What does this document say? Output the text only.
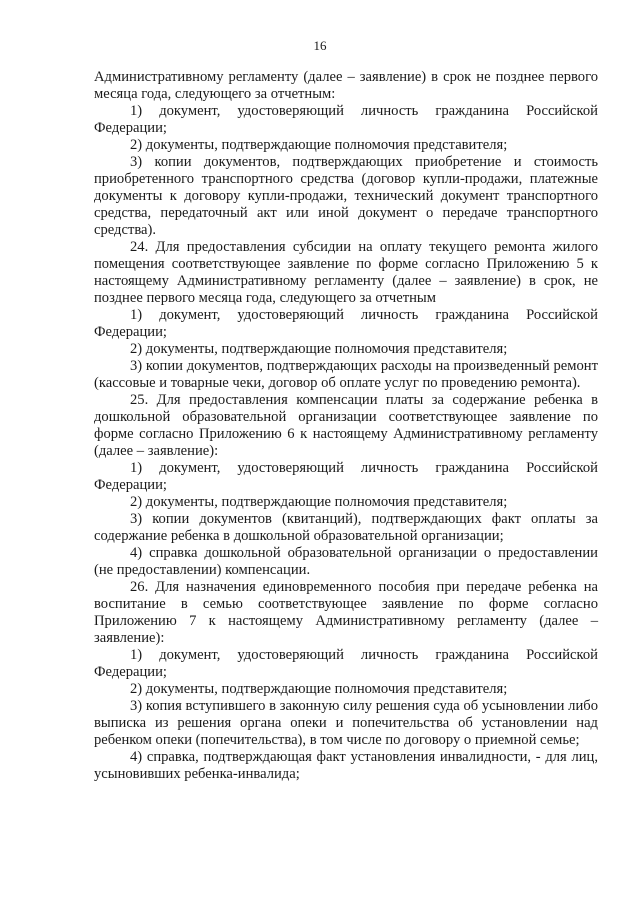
16

Административному регламенту (далее – заявление) в срок не позднее первого месяца года, следующего за отчетным:

1) документ, удостоверяющий личность гражданина Российской Федерации;

2) документы, подтверждающие полномочия представителя;

3) копии документов, подтверждающих приобретение и стоимость приобретенного транспортного средства (договор купли-продажи, платежные документы к договору купли-продажи, технический документ транспортного средства, передаточный акт или иной документ о передаче транспортного средства).

24. Для предоставления субсидии на оплату текущего ремонта жилого помещения соответствующее заявление по форме согласно Приложению 5 к настоящему Административному регламенту (далее – заявление) в срок, не позднее первого месяца года, следующего за отчетным

1) документ, удостоверяющий личность гражданина Российской Федерации;

2) документы, подтверждающие полномочия представителя;

3) копии документов, подтверждающих расходы на произведенный ремонт (кассовые и товарные чеки, договор об оплате услуг по проведению ремонта).

25. Для предоставления компенсации платы за содержание ребенка в дошкольной образовательной организации соответствующее заявление по форме согласно Приложению 6 к настоящему Административному регламенту (далее – заявление):

1) документ, удостоверяющий личность гражданина Российской Федерации;

2) документы, подтверждающие полномочия представителя;

3) копии документов (квитанций), подтверждающих факт оплаты за содержание ребенка в дошкольной образовательной организации;

4) справка дошкольной образовательной организации о предоставлении (не предоставлении) компенсации.

26. Для назначения единовременного пособия при передаче ребенка на воспитание в семью соответствующее заявление по форме согласно Приложению 7 к настоящему Административному регламенту (далее – заявление):

1) документ, удостоверяющий личность гражданина Российской Федерации;

2) документы, подтверждающие полномочия представителя;

3) копия вступившего в законную силу решения суда об усыновлении либо выписка из решения органа опеки и попечительства об установлении над ребенком опеки (попечительства), в том числе по договору о приемной семье;

4) справка, подтверждающая факт установления инвалидности, - для лиц, усыновивших ребенка-инвалида;
